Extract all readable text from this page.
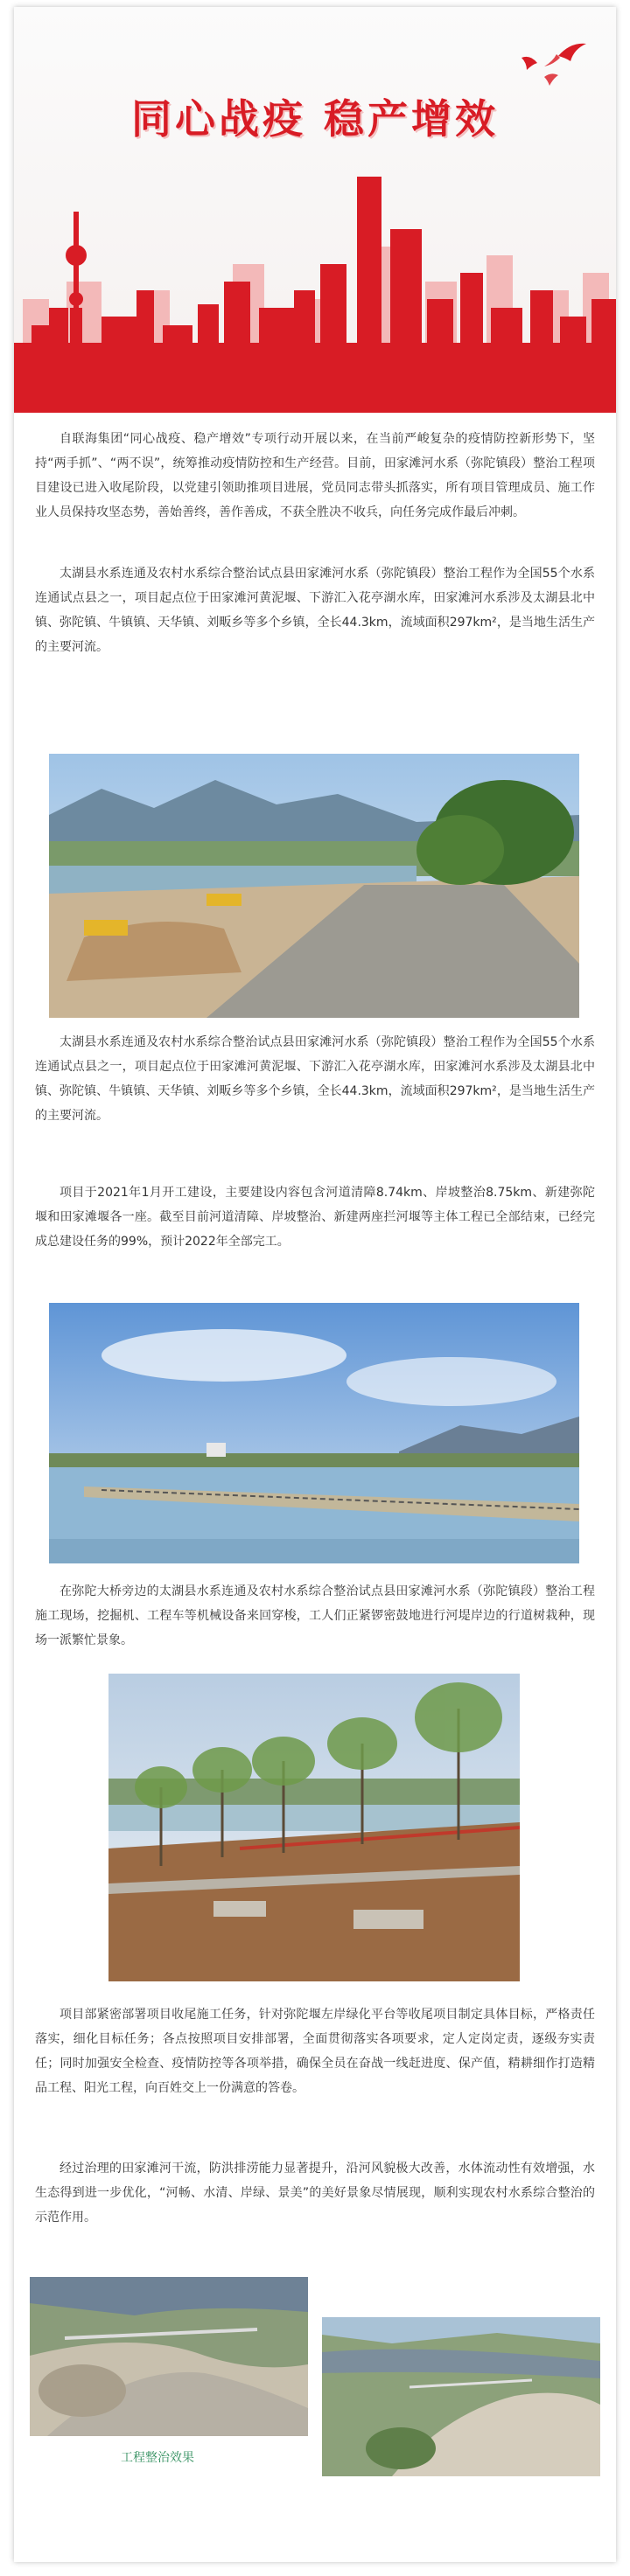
同心战疫 稳产增效

自联海集团“同心战疫、稳产增效”专项行动开展以来，在当前严峻复杂的疫情防控新形势下，坚持“两手抓”、“两不误”，统筹推动疫情防控和生产经营。目前，田家滩河水系（弥陀镇段）整治工程项目建设已进入收尾阶段，以党建引领助推项目进展，党员同志带头抓落实，所有项目管理成员、施工作业人员保持攻坚态势，善始善终，善作善成，不获全胜决不收兵，向任务完成作最后冲刺。

太湖县水系连通及农村水系综合整治试点县田家滩河水系（弥陀镇段）整治工程作为全国55个水系连通试点县之一，项目起点位于田家滩河黄泥堰、下游汇入花亭湖水库，田家滩河水系涉及太湖县北中镇、弥陀镇、牛镇镇、天华镇、刘畈乡等多个乡镇，全长44.3km，流域面积297km²，是当地生活生产的主要河流。

太湖县水系连通及农村水系综合整治试点县田家滩河水系（弥陀镇段）整治工程作为全国55个水系连通试点县之一，项目起点位于田家滩河黄泥堰、下游汇入花亭湖水库，田家滩河水系涉及太湖县北中镇、弥陀镇、牛镇镇、天华镇、刘畈乡等多个乡镇，全长44.3km，流域面积297km²，是当地生活生产的主要河流。

项目于2021年1月开工建设，主要建设内容包含河道清障8.74km、岸坡整治8.75km、新建弥陀堰和田家滩堰各一座。截至目前河道清障、岸坡整治、新建两座拦河堰等主体工程已全部结束，已经完成总建设任务的99%，预计2022年全部完工。

在弥陀大桥旁边的太湖县水系连通及农村水系综合整治试点县田家滩河水系（弥陀镇段）整治工程施工现场，挖掘机、工程车等机械设备来回穿梭，工人们正紧锣密鼓地进行河堤岸边的行道树栽种，现场一派繁忙景象。

项目部紧密部署项目收尾施工任务，针对弥陀堰左岸绿化平台等收尾项目制定具体目标，严格责任落实，细化目标任务；各点按照项目安排部署，全面贯彻落实各项要求，定人定岗定责，逐级夯实责任；同时加强安全检查、疫情防控等各项举措，确保全员在奋战一线赶进度、保产值，精耕细作打造精品工程、阳光工程，向百姓交上一份满意的答卷。

经过治理的田家滩河干流，防洪排涝能力显著提升，沿河风貌极大改善，水体流动性有效增强，水生态得到进一步优化，“河畅、水清、岸绿、景美”的美好景象尽情展现，顺利实现农村水系综合整治的示范作用。

工程整治效果
